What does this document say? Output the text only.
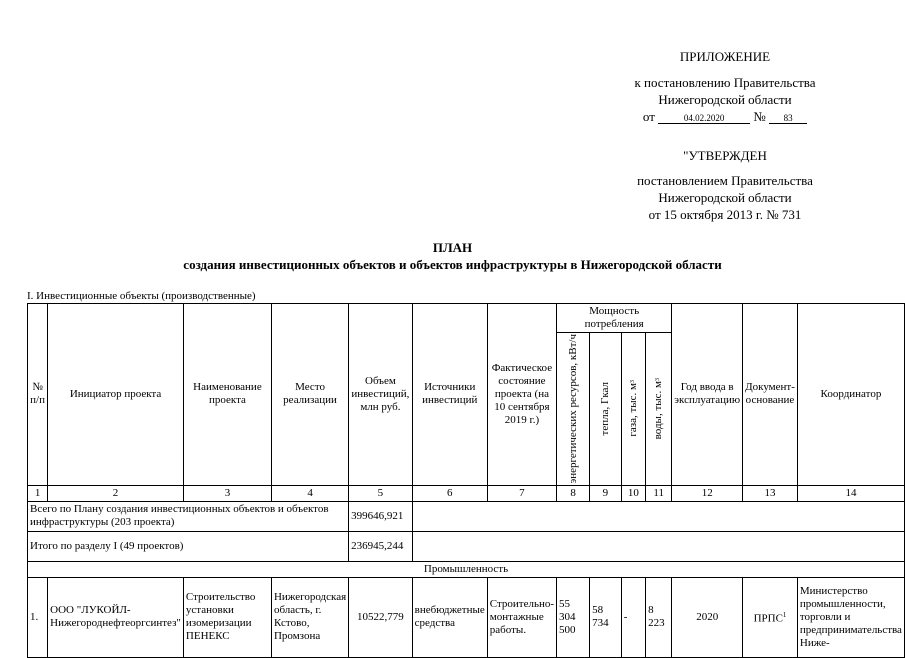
ПРИЛОЖЕНИЕ
к постановлению Правительства
Нижегородской области
от	04.02.2020 № 83
"УТВЕРЖДЕН
постановлением Правительства
Нижегородской области
от 15 октября 2013 г. № 731
ПЛАН
создания инвестиционных объектов и объектов инфраструктуры в Нижегородской области
I. Инвестиционные объекты (производственные)
№ п/п	Инициатор проекта	Наименование проекта	Место реализации	Объем инвестиций, млн руб.	Источники инвестиций	Фактическое состояние проекта (на 10 сентября 2019 г.)	Мощность потребления				Год ввода в эксплуатацию	Документ-основание	Координатор

							энергетических ресурсов, кВт/ч	тепла, Гкал	газа, тыс. $м^3$	воды, тыс. $м^3$

1	2	3	4	5	6	7	8	9	10	11	12	13	14
Всего по Плану создания инвестиционных объектов и объектов инфраструктуры (203 проекта)				399646,921									
Итого по разделу I (49 проектов)				236945,244									
Промышленность													
1.	ООО "ЛУКОЙЛ-Нижегороднефтеоргсинтез"	Строительство установки изомеризации ПЕНЕКС	Нижегородская область, г. Кстово, Промзона	10522,779	внебюджетные средства	Строительно-монтажные работы.	55 304 500	58 734	-	8 223	2020	ПРПС$^1$	Министерство промышленности, торговли и предпринимательства Ниже-
